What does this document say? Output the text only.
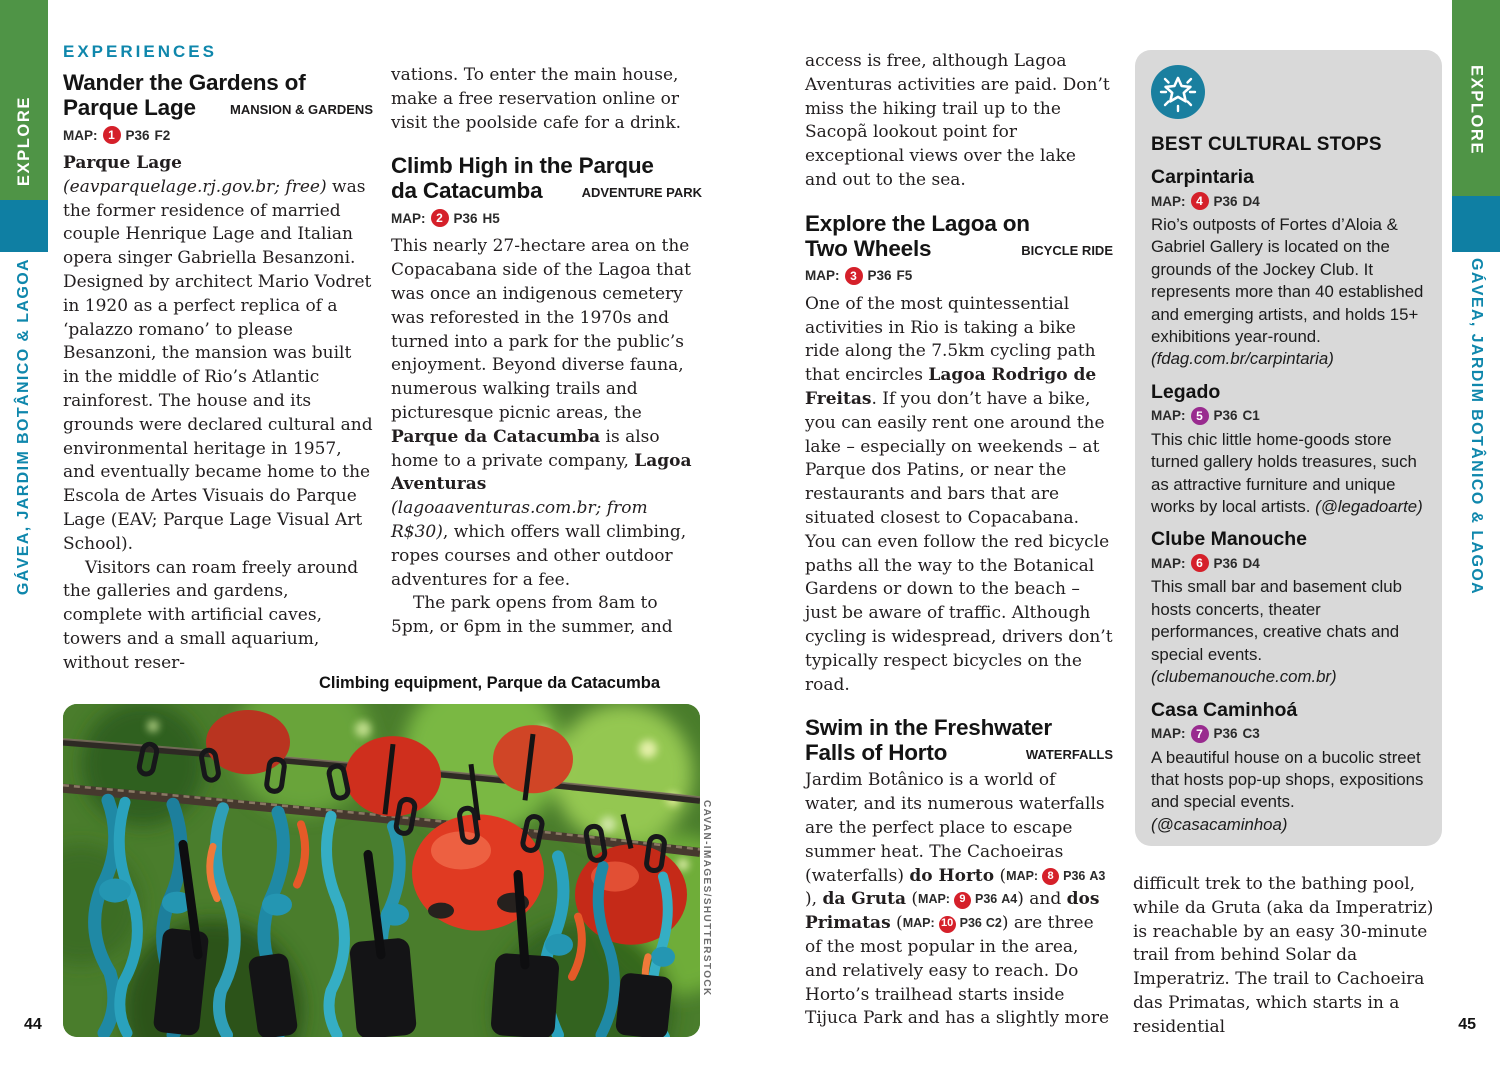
EXPLORE
GÁVEA, JARDIM BOTÂNICO & LAGOA
EXPLORE
GÁVEA, JARDIM BOTÂNICO & LAGOA
44	45
EXPERIENCES
Wander the Gardens of
Parque Lage	MANSION & GARDENS
MAP: 1 P36 F2

Parque Lage (eavparquelage.rj.gov.br; free) was the former residence of married couple Henrique Lage and Italian opera singer Gabriella Besanzoni. Designed by architect Mario Vodret in 1920 as a perfect replica of a ‘palazzo romano’ to please Besanzoni, the mansion was built in the middle of Rio’s Atlantic rainforest. The house and its grounds were declared cultural and environmental heritage in 1957, and eventually became home to the Escola de Artes Visuais do Parque Lage (EAV; Parque Lage Visual Art School).

Visitors can roam freely around the galleries and gardens, complete with artificial caves, towers and a small aquarium, without reser-

vations. To enter the main house, make a free reservation online or visit the poolside cafe for a drink.

Climb High in the Parque
da Catacumba	ADVENTURE PARK
MAP: 2 P36 H5

This nearly 27-hectare area on the Copacabana side of the Lagoa that was once an indigenous cemetery was reforested in the 1970s and turned into a park for the public’s enjoyment. Beyond diverse fauna, numerous walking trails and picturesque picnic areas, the Parque da Catacumba is also home to a private company, Lagoa Aventuras (lagoaaventuras.com.br; from R$30), which offers wall climbing, ropes courses and other outdoor adventures for a fee.

The park opens from 8am to 5pm, or 6pm in the summer, and

Climbing equipment, Parque da Catacumba
CAVAN-IMAGES/SHUTTERSTOCK

access is free, although Lagoa Aventuras activities are paid. Don’t miss the hiking trail up to the Sacopã lookout point for exceptional views over the lake and out to the sea.

Explore the Lagoa on
Two Wheels	BICYCLE RIDE
MAP: 3 P36 F5

One of the most quintessential activities in Rio is taking a bike ride along the 7.5km cycling path that encircles Lagoa Rodrigo de Freitas. If you don’t have a bike, you can easily rent one around the lake – especially on weekends – at Parque dos Patins, or near the restaurants and bars that are situated closest to Copacabana. You can even follow the red bicycle paths all the way to the Botanical Gardens or down to the beach – just be aware of traffic. Although cycling is widespread, drivers don’t typically respect bicycles on the road.

Swim in the Freshwater
Falls of Horto	WATERFALLS

Jardim Botânico is a world of water, and its numerous waterfalls are the perfect place to escape summer heat. The Cachoeiras (waterfalls) do Horto ( MAP: 8 P36 A3
), da Gruta ( MAP: 9 P36 A4 ) and dos Primatas ( MAP: 10 P36 C2 ) are three of the most popular in the area, and relatively easy to reach. Do Horto’s trailhead starts inside Tijuca Park and has a slightly more

BEST CULTURAL STOPS
Carpintaria
MAP: 4 P36 D4
Rio’s outposts of Fortes d’Aloia & Gabriel Gallery is located on the grounds of the Jockey Club. It represents more than 40 established and emerging artists, and holds 15+ exhibitions year-round. (fdag.com.br/carpintaria)
Legado
MAP: 5 P36 C1
This chic little home-goods store turned gallery holds treasures, such as attractive furniture and unique works by local artists. (@legadoarte)
Clube Manouche
MAP: 6 P36 D4
This small bar and basement club hosts concerts, theater performances, creative chats and special events. (clubemanouche.com.br)
Casa Caminhoá
MAP: 7 P36 C3
A beautiful house on a bucolic street that hosts pop-up shops, expositions and special events. (@casacaminhoa)

difficult trek to the bathing pool, while da Gruta (aka da Imperatriz) is reachable by an easy 30-minute trail from behind Solar da Imperatriz. The trail to Cachoeira das Primatas, which starts in a residential
